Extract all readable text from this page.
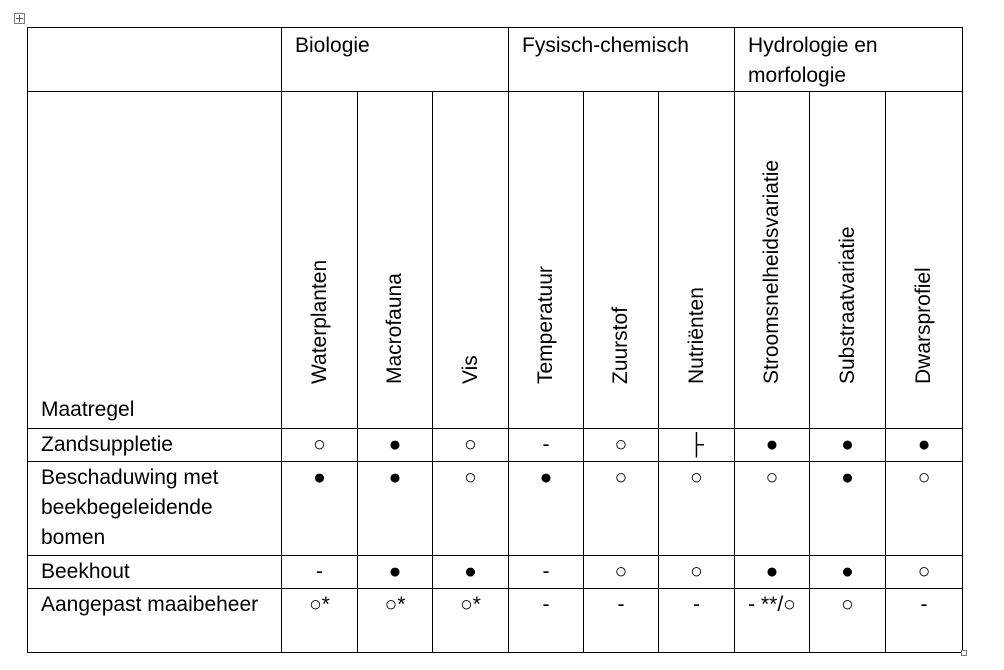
	Biologie			Fysisch-chemisch			Hydrologie en morfologie		
Maatregel	Waterplanten	Macrofauna	Vis	Temperatuur	Zuurstof	Nutriënten	Stroomsnelheidsvariatie	Substraatvariatie	Dwarsprofiel

Zandsuppletie	○	●	○	-	○	├	●	●	●
Beschaduwing met beekbegeleidende bomen	●	●	○	●	○	○	○	●	○
Beekhout	-	●	●	-	○	○	●	●	○
Aangepast maaibeheer	○*	○*	○*	-	-	-	- **/○	○	-
